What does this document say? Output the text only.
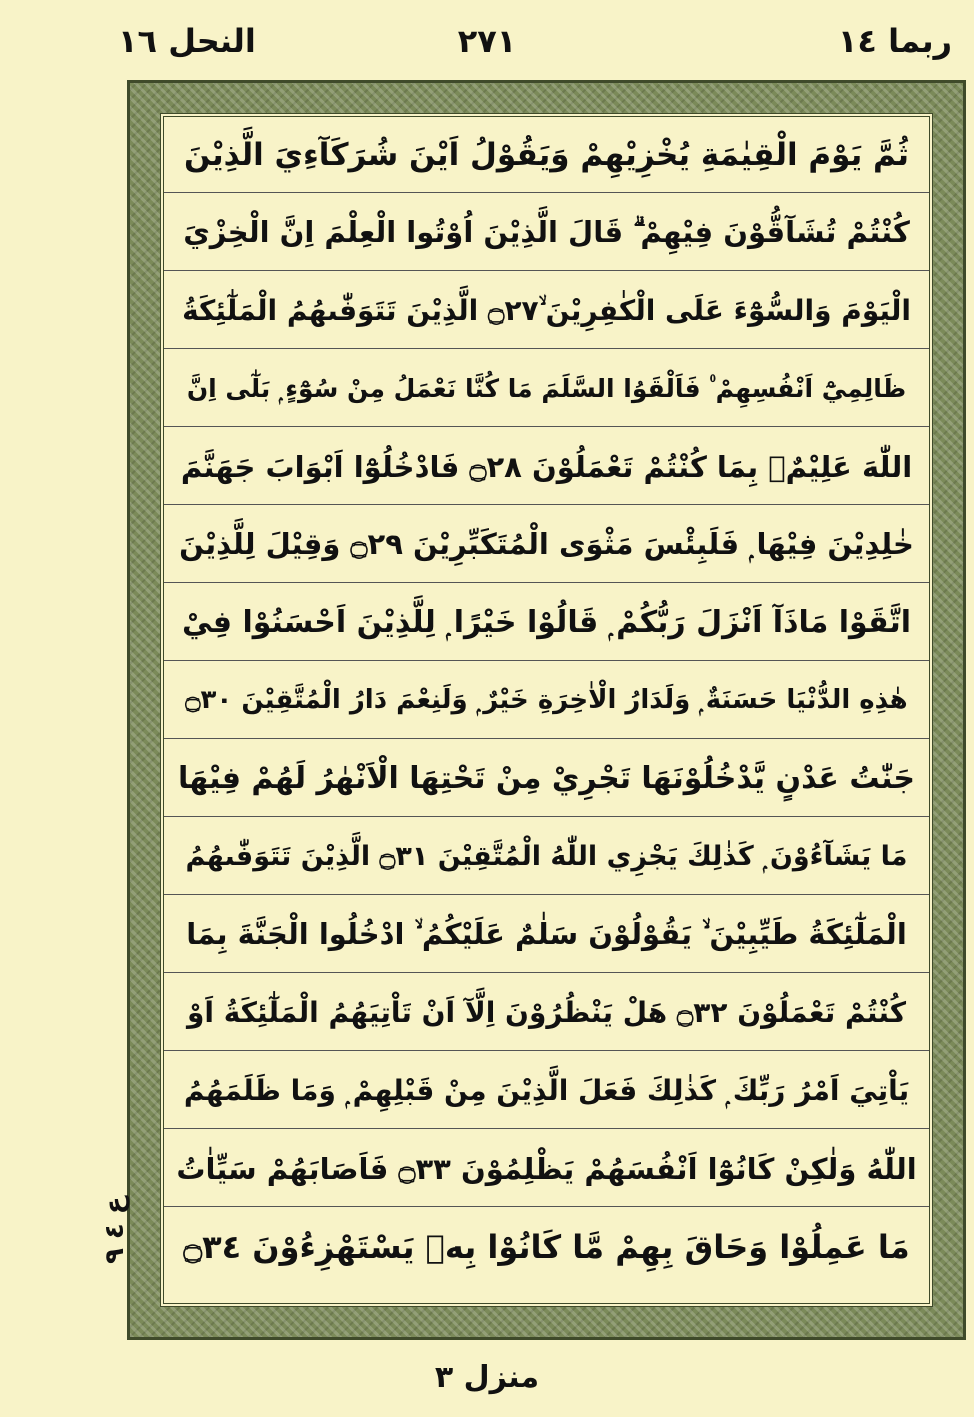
ربما ١٤
٢٧١
النحل ١٦
ثُمَّ يَوْمَ الْقِيٰمَةِ يُخْزِيْهِمْ وَيَقُوْلُ اَيْنَ شُرَكَآءِيَ الَّذِيْنَ
كُنْتُمْ تُشَآقُّوْنَ فِيْهِمْ ۗ قَالَ الَّذِيْنَ اُوْتُوا الْعِلْمَ اِنَّ الْخِزْيَ
الْيَوْمَ وَالسُّوْٓءَ عَلَى الْكٰفِرِيْنَ ۙ۝٢٧ الَّذِيْنَ تَتَوَفّٰىهُمُ الْمَلٰٓئِكَةُ
ظَالِمِيْٓ اَنْفُسِهِمْ ۠ فَاَلْقَوُا السَّلَمَ مَا كُنَّا نَعْمَلُ مِنْ سُوْٓءٍ ۭ بَلٰٓى اِنَّ
اللّٰهَ عَلِيْمٌۢ بِمَا كُنْتُمْ تَعْمَلُوْنَ ۝٢٨ فَادْخُلُوْٓا اَبْوَابَ جَهَنَّمَ
خٰلِدِيْنَ فِيْهَا ۭ فَلَبِئْسَ مَثْوَى الْمُتَكَبِّرِيْنَ ۝٢٩ وَقِيْلَ لِلَّذِيْنَ
اتَّقَوْا مَاذَآ اَنْزَلَ رَبُّكُمْ ۭ قَالُوْا خَيْرًا ۭ لِلَّذِيْنَ اَحْسَنُوْا فِيْ
هٰذِهِ الدُّنْيَا حَسَنَةٌ ۭ وَلَدَارُ الْاٰخِرَةِ خَيْرٌ ۭ وَلَنِعْمَ دَارُ الْمُتَّقِيْنَ ۝٣٠
جَنّٰتُ عَدْنٍ يَّدْخُلُوْنَهَا تَجْرِيْ مِنْ تَحْتِهَا الْاَنْهٰرُ لَهُمْ فِيْهَا
مَا يَشَآءُوْنَ ۭ كَذٰلِكَ يَجْزِي اللّٰهُ الْمُتَّقِيْنَ ۝٣١ الَّذِيْنَ تَتَوَفّٰىهُمُ
الْمَلٰٓئِكَةُ طَيِّبِيْنَ ۙ يَقُوْلُوْنَ سَلٰمٌ عَلَيْكُمُ ۙ ادْخُلُوا الْجَنَّةَ بِمَا
كُنْتُمْ تَعْمَلُوْنَ ۝٣٢ هَلْ يَنْظُرُوْنَ اِلَّآ اَنْ تَاْتِيَهُمُ الْمَلٰٓئِكَةُ اَوْ
يَاْتِيَ اَمْرُ رَبِّكَ ۭ كَذٰلِكَ فَعَلَ الَّذِيْنَ مِنْ قَبْلِهِمْ ۭ وَمَا ظَلَمَهُمُ
اللّٰهُ وَلٰكِنْ كَانُوْٓا اَنْفُسَهُمْ يَظْلِمُوْنَ ۝٣٣ فَاَصَابَهُمْ سَيِّاٰتُ
مَا عَمِلُوْا وَحَاقَ بِهِمْ مَّا كَانُوْا بِهٖ يَسْتَهْزِءُوْنَ ۝٣٤
ع ٤ ٩
منزل ٣
